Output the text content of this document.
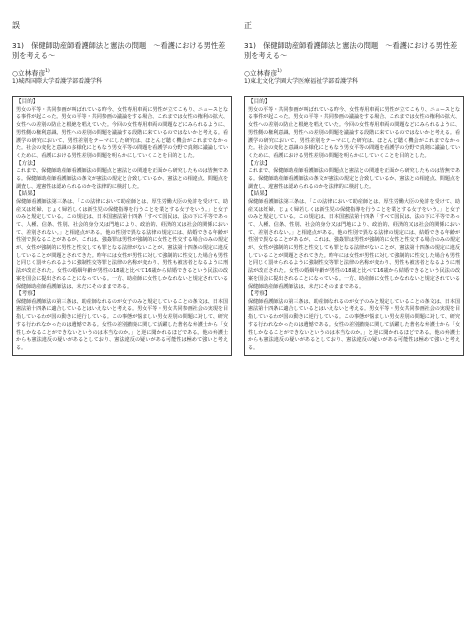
誤
31)　保健師助産師看護師法と憲法の問題　～看護における男性差別を考える～
○立林春彦$^{1)}$
1)城西国際大学看護学部看護学科
【目的】

男女の平等・共同参画が叫ばれている昨今、女性専用車両に男性が立てこもり、ニュースとなる事件が起こった。男女の平等・共同参画の議論をする場合、これまでは女性の権利の拡大、女性への差別の防止と根絶を唱えていた。今回の女性専用車両の問題などにみられるように、男性側の権利意識、男性への差別の問題を議論する段階に来ているのではないかと考える。看護学の研究において、男性差別をテーマにした研究は、ほとんど聴く機会がこれまでなかった。社会の変化と意識の多様化にともなう男女平等の問題を看護学の分野で真剣に議論していくために、看護における男性差別の問題を明らかにしていくことを目的とした。

【方法】

これまで、保健師助産師看護師法の問題点と憲法との関連を正面から研究したものは皆無である。保健師助産師看護師法の条文が憲法の規定と合致しているか、憲法との相違点、問題点を調査し、違憲性は認められるのかを法律的に検討した。

【結果】

保健師看護師法第三条は、「この法律において助産師とは、厚生労働大臣の免許を受けて、助産又は妊婦、じょく婦若しくは新生児の保健指導を行うことを業とする女子をいう。」と女子のみと規定している。この規定は、日本国憲法第十四条「すべて国民は、法の下に平等であって、人種、信条、性別、社会的身分又は門地により、政治的、経済的又は社会的関係において、差別されない。」と相違点がある。他の性別で異なる法律の規定には、結婚できる年齢が性別で異なることがあるが、これは、強姦罪は男性が強制的に女性と性交する場合のみの規定が、女性が強制的に男性と性交しても罪となる法律がないことが、憲法第十四条の規定に違反していることが問題とされてきた。昨年には女性が男性に対して強制的に性交した場合も男性と同じく罰せられるように強制性交等罪と法律の名称が変わり、男性も被害者となるように刑法が改正された。女性の婚姻年齢が男性の18歳と比べて16歳から結婚できるという民法の改案を国会に提出されることになっている。一方、助産師に女性しかなれないと規定されている保健師助産師看護師法は、未だにそのままである。

【考察】

保健師看護師法の第三条は、助産師なれるのが女子のみと規定していることの条文は、日本国憲法第十四条に適合しているとはいえないと考える。男女平等・男女共同参画社会の実現を目指しているわが国の動きに逆行している。この事態が悩ましい男女差別の問題に対して、研究する行われなかったのは遺憾である。女性の差別撤廃に関して活躍した著名な弁護士から「女性しかなることができないというのは本当なのか。」と逆に聞かれるほどである。他の弁護士からも憲法違反の疑いがあるとしており、憲法違反の疑いがある可能性は極めて強いと考える。

正
31)　保健師助産師看護師法と憲法の問題　～看護における男性差別を考える～
○立林春彦$^{1)}$
1)東北文化学園大学医療福祉学部看護学科
【目的】

男女の平等・共同参画が叫ばれている昨今、女性専用車両に男性が立てこもり、ニュースとなる事件が起こった。男女の平等・共同参画の議論をする場合、これまでは女性の権利の拡大、女性への差別の防止と根絶を唱えていた。今回の女性専用車両の問題などにみられるように、男性側の権利意識、男性への差別の問題を議論する段階に来ているのではないかと考える。看護学の研究において、男性差別をテーマにした研究は、ほとんど聴く機会がこれまでなかった。社会の変化と意識の多様化にともなう男女平等の問題を看護学の分野で真剣に議論していくために、看護における男性差別の問題を明らかにしていくことを目的とした。

【方法】

これまで、保健師助産師看護師法の問題点と憲法との関連を正面から研究したものは皆無である。保健師助産師看護師法の条文が憲法の規定と合致しているか、憲法との相違点、問題点を調査し、違憲性は認められるのかを法律的に検討した。

【結果】

保健師看護師法第三条は、「この法律において助産師とは、厚生労働大臣の免許を受けて、助産又は妊婦、じょく婦若しくは新生児の保健指導を行うことを業とする女子をいう。」と女子のみと規定している。この規定は、日本国憲法第十四条「すべて国民は、法の下に平等であって、人種、信条、性別、社会的身分又は門地により、政治的、経済的又は社会的関係において、差別されない。」と相違点がある。他の性別で異なる法律の規定には、結婚できる年齢が性別で異なることがあるが、これは、強姦罪は男性が強制的に女性と性交する場合のみの規定が、女性が強制的に男性と性交しても罪となる法律がないことが、憲法第十四条の規定に違反していることが問題とされてきた。昨年には女性が男性に対して強制的に性交した場合も男性と同じく罰せられるように強制性交等罪と法律の名称が変わり、男性も被害者となるように刑法が改正された。女性の婚姻年齢が男性の18歳と比べて16歳から結婚できるという民法の改案を国会に提出されることになっている。一方、助産師に女性しかなれないと規定されている保健師助産師看護師法は、未だにそのままである。

【考察】

保健師看護師法の第三条は、助産師なれるのが女子のみと規定していることの条文は、日本国憲法第十四条に適合しているとはいえないと考える。男女平等・男女共同参画社会の実現を目指しているわが国の動きに逆行している。この事態が悩ましい男女差別の問題に対して、研究する行われなかったのは遺憾である。女性の差別撤廃に関して活躍した著名な弁護士から「女性しかなることができないというのは本当なのか。」と逆に聞かれるほどである。他の弁護士からも憲法違反の疑いがあるとしており、憲法違反の疑いがある可能性は極めて強いと考える。
